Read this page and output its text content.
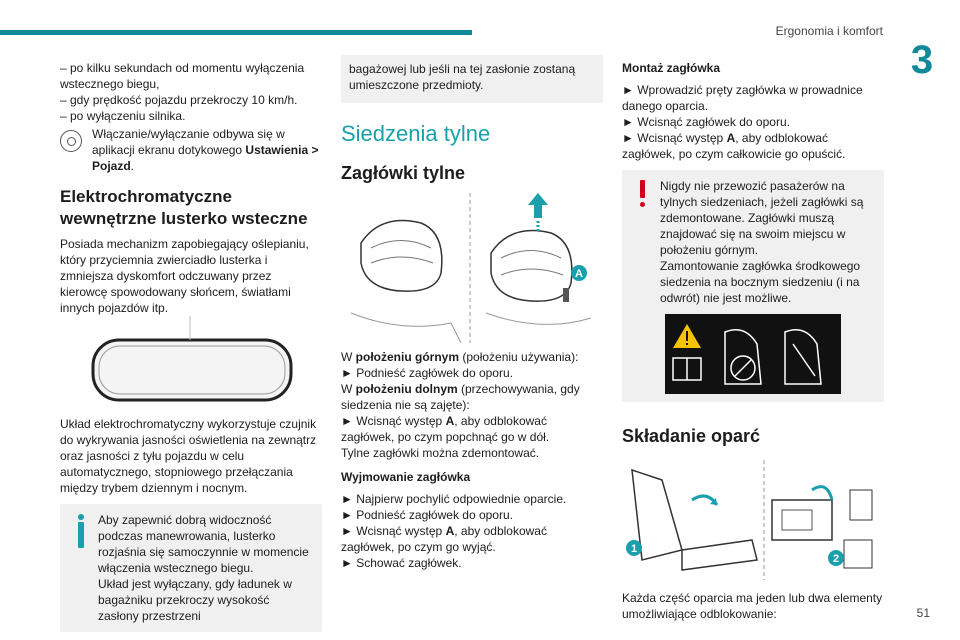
Ergonomia i komfort
3
51
– po kilku sekundach od momentu wyłączenia
wstecznego biegu,
– gdy prędkość pojazdu przekroczy 10 km/h.
– po wyłączeniu silnika.
Włączanie/wyłączanie odbywa się w aplikacji ekranu dotykowego Ustawienia > Pojazd.
Elektrochromatyczne wewnętrzne lusterko wsteczne
Posiada mechanizm zapobiegający oślepianiu, który przyciemnia zwierciadło lusterka i zmniejsza dyskomfort odczuwany przez kierowcę spowodowany słońcem, światłami innych pojazdów itp.
Układ elektrochromatyczny wykorzystuje czujnik do wykrywania jasności oświetlenia na zewnątrz oraz jasności z tyłu pojazdu w celu automatycznego, stopniowego przełączania między trybem dziennym i nocnym.
Aby zapewnić dobrą widoczność podczas manewrowania, lusterko rozjaśnia się samoczynnie w momencie włączenia wstecznego biegu.
Układ jest wyłączany, gdy ładunek w bagażniku przekroczy wysokość zasłony przestrzeni
bagażowej lub jeśli na tej zasłonie zostaną umieszczone przedmioty.
Siedzenia tylne
Zagłówki tylne
A
W położeniu górnym (położeniu używania):
► Podnieść zagłówek do oporu.
W położeniu dolnym (przechowywania, gdy siedzenia nie są zajęte):
► Wcisnąć występ A, aby odblokować zagłówek, po czym popchnąć go w dół.
Tylne zagłówki można zdemontować.
Wyjmowanie zagłówka
► Najpierw pochylić odpowiednie oparcie.
► Podnieść zagłówek do oporu.
► Wcisnąć występ A, aby odblokować zagłówek, po czym go wyjąć.
► Schować zagłówek.
Montaż zagłówka
► Wprowadzić pręty zagłówka w prowadnice danego oparcia.
► Wcisnąć zagłówek do oporu.
► Wcisnąć występ A, aby odblokować zagłówek, po czym całkowicie go opuścić.
Nigdy nie przewozić pasażerów na tylnych siedzeniach, jeżeli zagłówki są zdemontowane. Zagłówki muszą znajdować się na swoim miejscu w położeniu górnym.
Zamontowanie zagłówka środkowego siedzenia na bocznym siedzeniu (i na odwrót) nie jest możliwe.
Składanie oparć
1
2
Każda część oparcia ma jeden lub dwa elementy umożliwiające odblokowanie:
